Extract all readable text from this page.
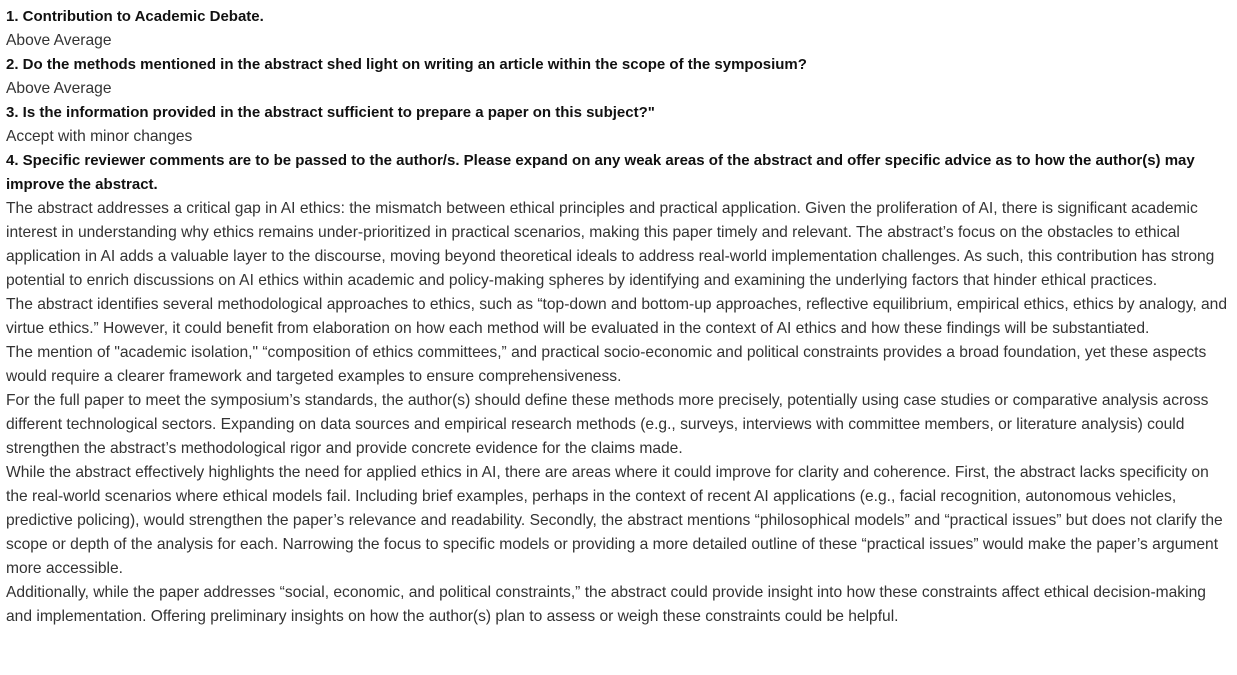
1. Contribution to Academic Debate.
Above Average
2. Do the methods mentioned in the abstract shed light on writing an article within the scope of the symposium?
Above Average
3. Is the information provided in the abstract sufficient to prepare a paper on this subject?"
Accept with minor changes
4. Specific reviewer comments are to be passed to the author/s. Please expand on any weak areas of the abstract and offer specific advice as to how the author(s) may improve the abstract.
The abstract addresses a critical gap in AI ethics: the mismatch between ethical principles and practical application. Given the proliferation of AI, there is significant academic interest in understanding why ethics remains under-prioritized in practical scenarios, making this paper timely and relevant. The abstract’s focus on the obstacles to ethical application in AI adds a valuable layer to the discourse, moving beyond theoretical ideals to address real-world implementation challenges. As such, this contribution has strong potential to enrich discussions on AI ethics within academic and policy-making spheres by identifying and examining the underlying factors that hinder ethical practices.
The abstract identifies several methodological approaches to ethics, such as “top-down and bottom-up approaches, reflective equilibrium, empirical ethics, ethics by analogy, and virtue ethics.” However, it could benefit from elaboration on how each method will be evaluated in the context of AI ethics and how these findings will be substantiated.
The mention of "academic isolation," “composition of ethics committees,” and practical socio-economic and political constraints provides a broad foundation, yet these aspects would require a clearer framework and targeted examples to ensure comprehensiveness.
For the full paper to meet the symposium’s standards, the author(s) should define these methods more precisely, potentially using case studies or comparative analysis across different technological sectors. Expanding on data sources and empirical research methods (e.g., surveys, interviews with committee members, or literature analysis) could strengthen the abstract’s methodological rigor and provide concrete evidence for the claims made.
While the abstract effectively highlights the need for applied ethics in AI, there are areas where it could improve for clarity and coherence. First, the abstract lacks specificity on the real-world scenarios where ethical models fail. Including brief examples, perhaps in the context of recent AI applications (e.g., facial recognition, autonomous vehicles, predictive policing), would strengthen the paper’s relevance and readability. Secondly, the abstract mentions “philosophical models” and “practical issues” but does not clarify the scope or depth of the analysis for each. Narrowing the focus to specific models or providing a more detailed outline of these “practical issues” would make the paper’s argument more accessible.
Additionally, while the paper addresses “social, economic, and political constraints,” the abstract could provide insight into how these constraints affect ethical decision-making and implementation. Offering preliminary insights on how the author(s) plan to assess or weigh these constraints could be helpful.
